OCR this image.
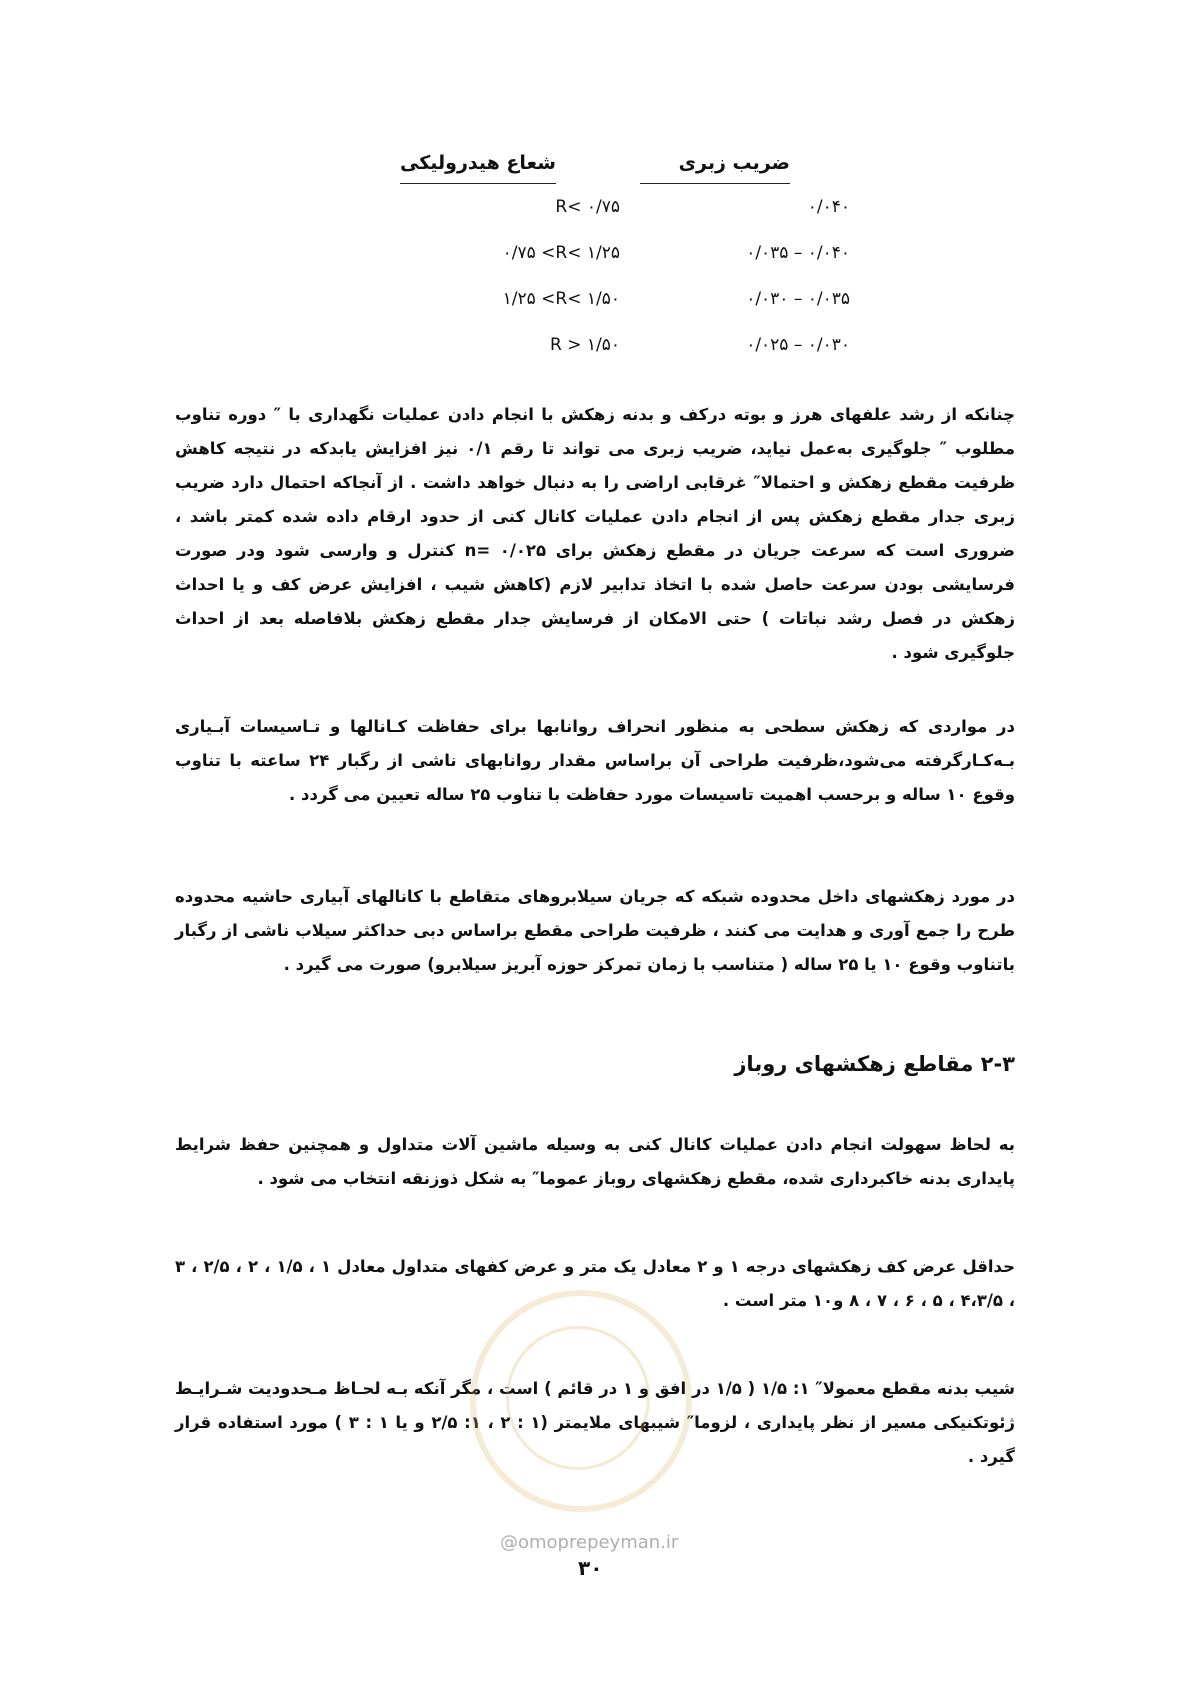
ضریب زبری
شعاع هیدرولیکی
۰/۰۴۰
R< ۰/۷۵
۰/۰۳۵ – ۰/۰۴۰
۰/۷۵ <R< ۱/۲۵
۰/۰۳۰ – ۰/۰۳۵
۱/۲۵ <R< ۱/۵۰
۰/۰۲۵ – ۰/۰۳۰
R > ۱/۵۰

چنانکه از رشد علفهای هرز و بوته درکف و بدنه زهکش با انجام دادن عملیات نگهداری با ″ دوره تناوب مطلوب ″ جلوگیری به‌عمل نیاید، ضریب زبری می تواند تا رقم ۰/۱ نیز افزایش یابدکه در نتیجه کاهش ظرفیت مقطع زهکش و احتمالا″ غرقابی اراضی را به دنبال خواهد داشت . از آنجاکه احتمال دارد ضریب زبری جدار مقطع زهکش پس از انجام دادن عملیات کانال کنی از حدود ارقام داده شده کمتر باشد ، ضروری است که سرعت جریان در مقطع زهکش برای ۰/۰۲۵ =n کنترل و وارسی شود ودر صورت فرسایشی بودن سرعت حاصل شده با اتخاذ تدابیر لازم (کاهش شیب ، افزایش عرض کف و یا احداث زهکش در فصل رشد نباتات ) حتی الامکان از فرسایش جدار مقطع زهکش بلافاصله بعد از احداث جلوگیری شود .

در مواردی که زهکش سطحی به منظور انحراف روانابها برای حفاظت کـانالها و تـاسیسات آبـیاری بـه‌کـارگرفته می‌شود،ظرفیت طراحی آن براساس مقدار روانابهای ناشی از رگبار ۲۴ ساعته با تناوب وقوع ۱۰ ساله و برحسب اهمیت تاسیسات مورد حفاظت با تناوب ۲۵ ساله تعیین می گردد .

در مورد زهکشهای داخل محدوده شبکه که جریان سیلابروهای متقاطع با کانالهای آبیاری حاشیه محدوده طرح را جمع آوری و هدایت می کنند ، ظرفیت طراحی مقطع براساس دبی حداکثر سیلاب ناشی از رگبار باتناوب وقوع ۱۰ یا ۲۵ ساله ( متناسب با زمان تمرکز حوزه آبریز سیلابرو) صورت می گیرد .

۲-۳ مقاطع زهکشهای روباز

به لحاظ سهولت انجام دادن عملیات کانال کنی به وسیله ماشین آلات متداول و همچنین حفظ شرایط پایداری بدنه خاکبرداری شده، مقطع زهکشهای روباز عموما″ به شکل ذوزنقه انتخاب می شود .

حداقل عرض کف زهکشهای درجه ۱ و ۲ معادل یک متر و عرض کفهای متداول معادل ۱ ، ۱/۵ ، ۲ ، ۲/۵ ، ۳ ، ۴،۳/۵ ، ۵ ، ۶ ، ۷ ، ۸ و۱۰ متر است .

شیب بدنه مقطع معمولا″ ۱: ۱/۵ ( ۱/۵ در افق و ۱ در قائم ) است ، مگر آنکه بـه لحـاظ مـحدودیت شـرایـط ژئوتکنیکی مسیر از نظر پایداری ، لزوما″ شیبهای ملایمتر (۱ : ۲ ، ۱: ۲/۵ و یا ۱ : ۳ ) مورد استفاده قرار گیرد .

@omoprepeyman.ir
۳۰
